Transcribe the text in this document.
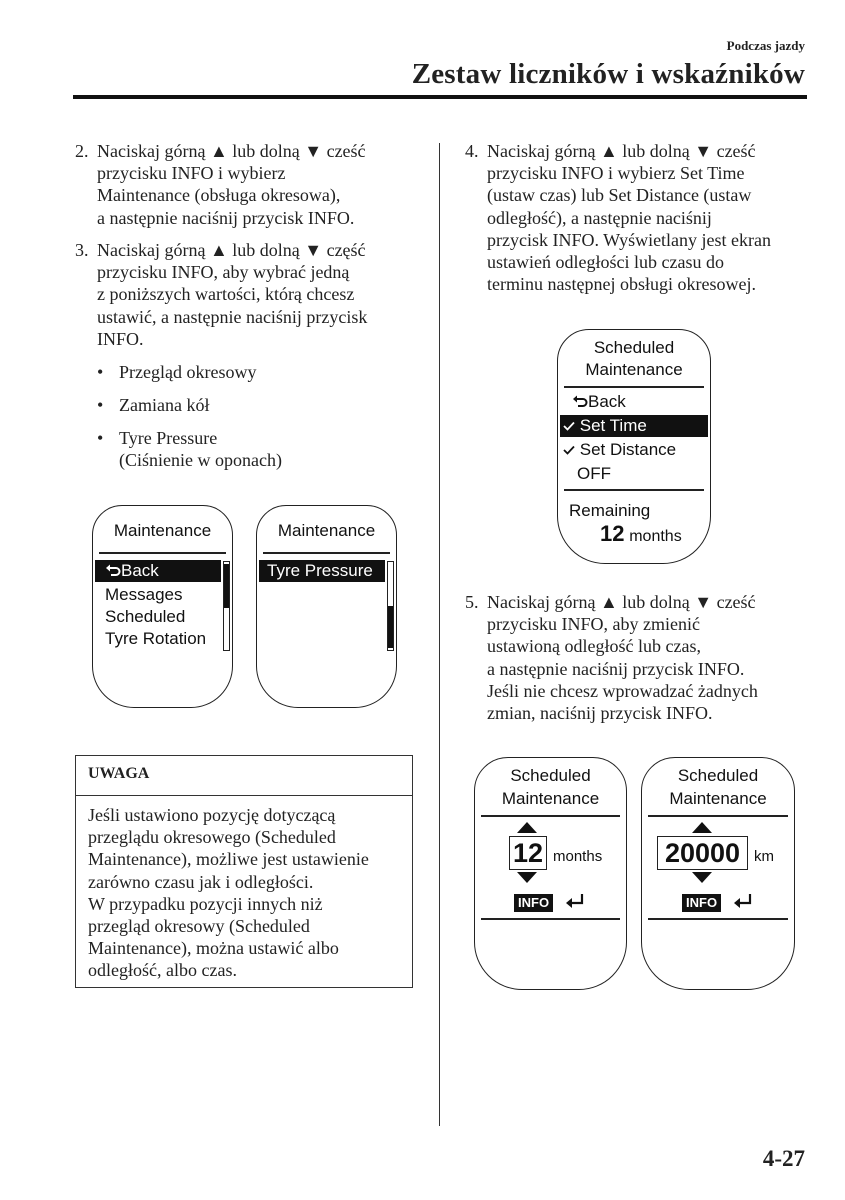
Podczas jazdy
Zestaw liczników i wskaźników
2. Naciskaj górną ▲ lub dolną ▼ cześć
przycisku INFO i wybierz
Maintenance (obsługa okresowa),
a następnie naciśnij przycisk INFO.
3. Naciskaj górną ▲ lub dolną ▼ część
przycisku INFO, aby wybrać jedną
z poniższych wartości, którą chcesz
ustawić, a następnie naciśnij przycisk
INFO.
• Przegląd okresowy
• Zamiana kół
• Tyre Pressure
(Ciśnienie w oponach)
Maintenance
Back
Messages
Scheduled
Tyre Rotation
Maintenance
Tyre Pressure
UWAGA
Jeśli ustawiono pozycję dotyczącą
przeglądu okresowego (Scheduled
Maintenance), możliwe jest ustawienie
zarówno czasu jak i odległości.
W przypadku pozycji innych niż
przegląd okresowy (Scheduled
Maintenance), można ustawić albo
odległość, albo czas.
4. Naciskaj górną ▲ lub dolną ▼ cześć
przycisku INFO i wybierz Set Time
(ustaw czas) lub Set Distance (ustaw
odległość), a następnie naciśnij
przycisk INFO. Wyświetlany jest ekran
ustawień odległości lub czasu do
terminu następnej obsługi okresowej.
Scheduled
Maintenance
Back
Set Time
Set Distance
OFF
Remaining
12 months
5. Naciskaj górną ▲ lub dolną ▼ cześć
przycisku INFO, aby zmienić
ustawioną odległość lub czas,
a następnie naciśnij przycisk INFO.
Jeśli nie chcesz wprowadzać żadnych
zmian, naciśnij przycisk INFO.
Scheduled
Maintenance
12 months
INFO
Scheduled
Maintenance
20000 km
INFO
4-27
